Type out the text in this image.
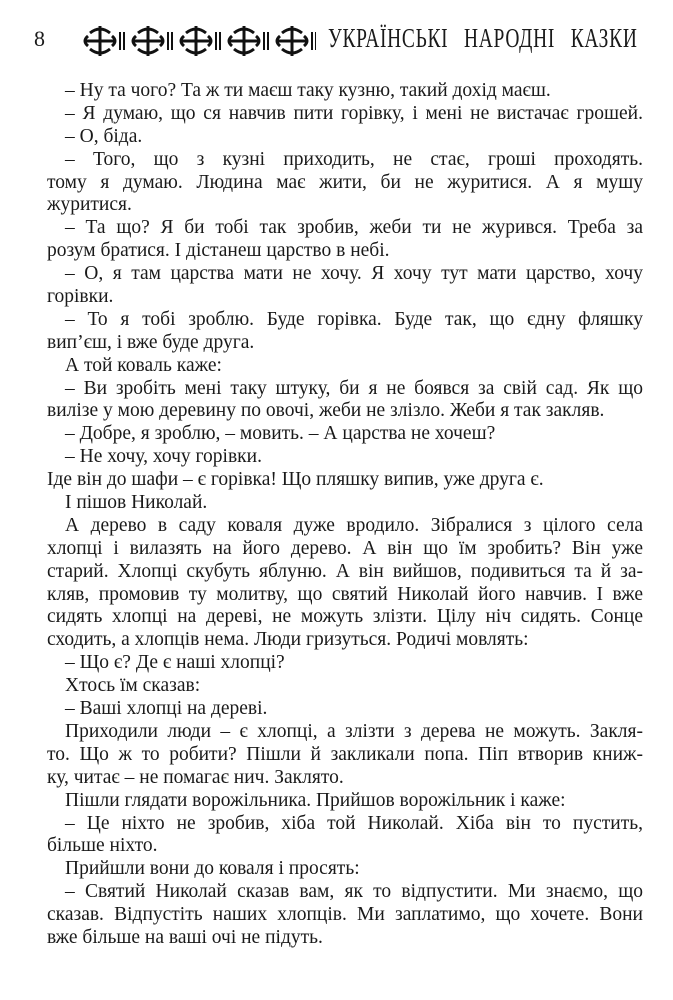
8	УКРАЇНСЬКІ НАРОДНІ КАЗКИ
– Ну та чого? Та ж ти маєш таку кузню, такий дохід маєш.
– Я думаю, що ся навчив пити горівку, і мені не вистачає грошей.
– О, біда.
– Того, що з кузні приходить, не стає, гроші проходять.
тому я думаю. Людина має жити, би не журитися. А я мушу
журитися.
– Та що? Я би тобі так зробив, жеби ти не журився. Треба за
розум братися. І дістанеш царство в небі.
– О, я там царства мати не хочу. Я хочу тут мати царство, хочу
горівки.
– То я тобі зроблю. Буде горівка. Буде так, що єдну фляшку
вип’єш, і вже буде друга.
А той коваль каже:
– Ви зробіть мені таку штуку, би я не боявся за свій сад. Як що
вилізе у мою деревину по овочі, жеби не злізло. Жеби я так закляв.
– Добре, я зроблю, – мовить. – А царства не хочеш?
– Не хочу, хочу горівки.
Іде він до шафи – є горівка! Що пляшку випив, уже друга є.
І пішов Николай.
А дерево в саду коваля дуже вродило. Зібралися з цілого села
хлопці і вилазять на його дерево. А він що їм зробить? Він уже
старий. Хлопці скубуть яблуню. А він вийшов, подивиться та й за-
кляв, промовив ту молитву, що святий Николай його навчив. І вже
сидять хлопці на дереві, не можуть злізти. Цілу ніч сидять. Сонце
сходить, а хлопців нема. Люди гризуться. Родичі мовлять:
– Що є? Де є наші хлопці?
Хтось їм сказав:
– Ваші хлопці на дереві.
Приходили люди – є хлопці, а злізти з дерева не можуть. Закля-
то. Що ж то робити? Пішли й закликали попа. Піп втворив книж-
ку, читає – не помагає нич. Заклято.
Пішли глядати ворожільника. Прийшов ворожільник і каже:
– Це ніхто не зробив, хіба той Николай. Хіба він то пустить,
більше ніхто.
Прийшли вони до коваля і просять:
– Святий Николай сказав вам, як то відпустити. Ми знаємо, що
сказав. Відпустіть наших хлопців. Ми заплатимо, що хочете. Вони
вже більше на ваші очі не підуть.
